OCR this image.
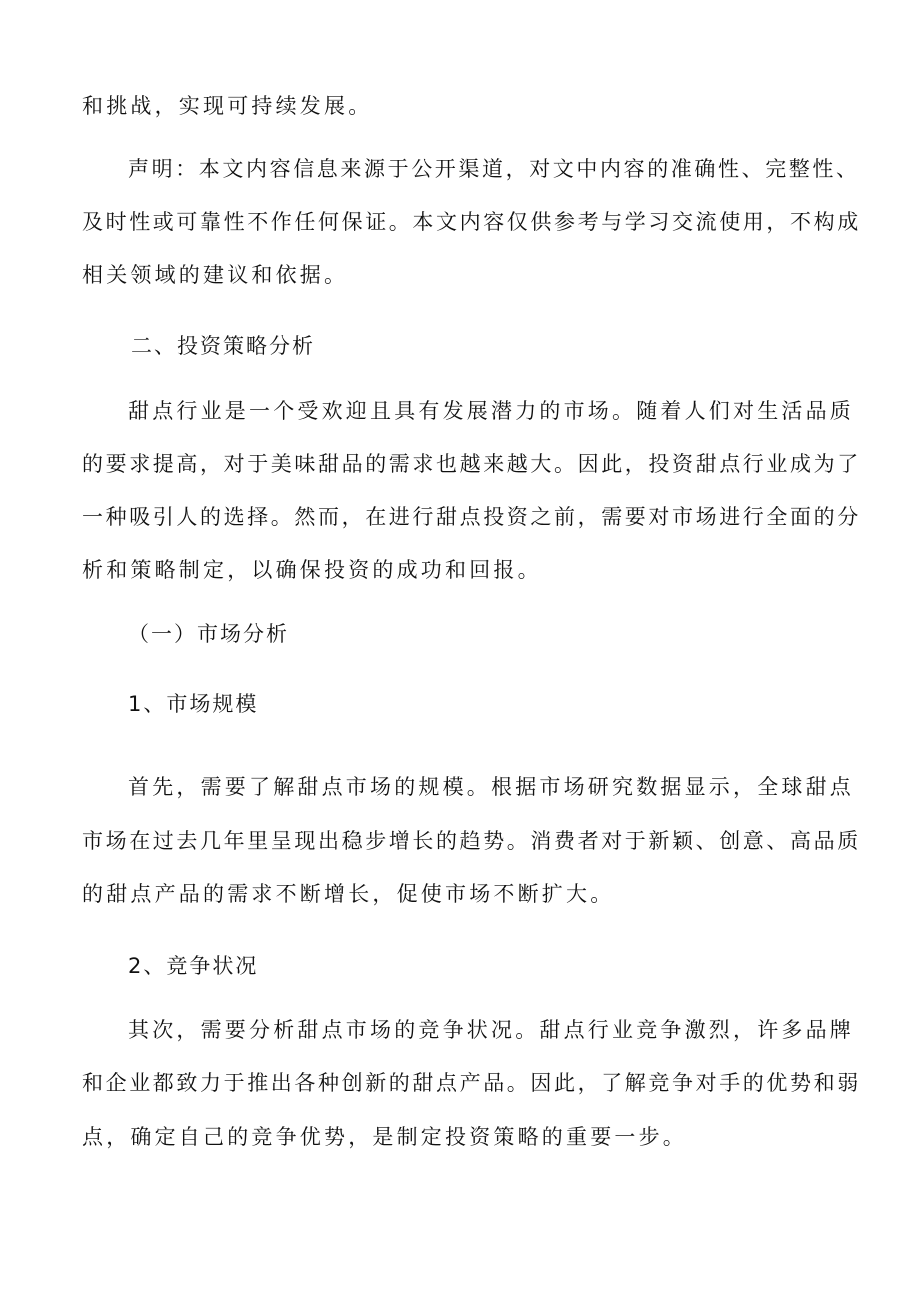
和挑战，实现可持续发展。
声明：本文内容信息来源于公开渠道，对文中内容的准确性、完整性、
及时性或可靠性不作任何保证。本文内容仅供参考与学习交流使用，不构成
相关领域的建议和依据。
二、投资策略分析
甜点行业是一个受欢迎且具有发展潜力的市场。随着人们对生活品质
的要求提高，对于美味甜品的需求也越来越大。因此，投资甜点行业成为了
一种吸引人的选择。然而，在进行甜点投资之前，需要对市场进行全面的分
析和策略制定，以确保投资的成功和回报。
（一）市场分析
1、市场规模
首先，需要了解甜点市场的规模。根据市场研究数据显示，全球甜点
市场在过去几年里呈现出稳步增长的趋势。消费者对于新颖、创意、高品质
的甜点产品的需求不断增长，促使市场不断扩大。
2、竞争状况
其次，需要分析甜点市场的竞争状况。甜点行业竞争激烈，许多品牌
和企业都致力于推出各种创新的甜点产品。因此，了解竞争对手的优势和弱
点，确定自己的竞争优势，是制定投资策略的重要一步。
